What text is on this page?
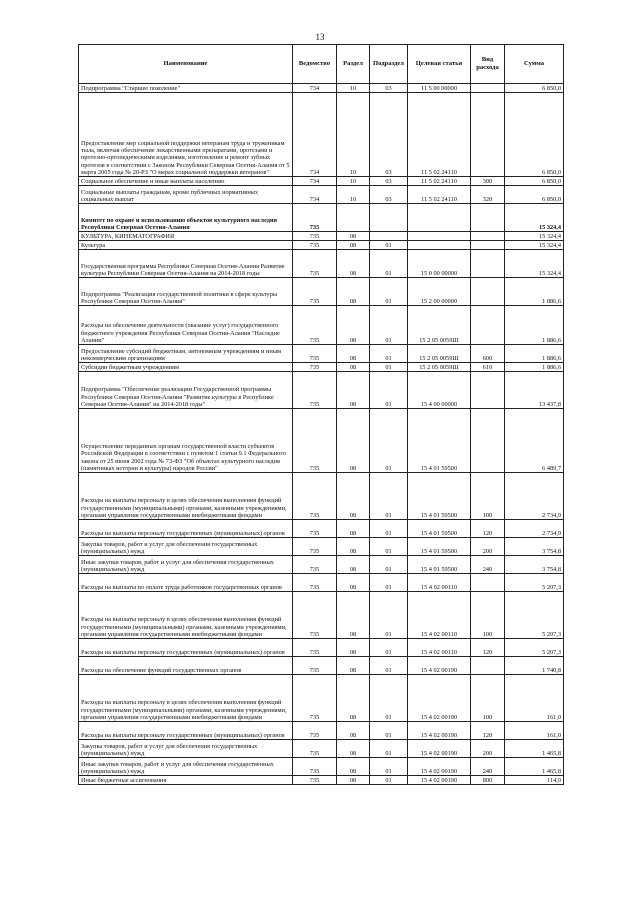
13
Наименование	Ведомство	Раздел	Подраздел	Целевая статья	Вид расхода	Сумма
Подпрограмма "Старшее поколение"	734	10	03	11 5 00 00000		6 850,0
Предоставление мер социальной поддержки ветеранам труда и труженикам тыла, включая обеспечение лекарственными препаратами, протезами и протезно-ортопедическими изделиями, изготовление и ремонт зубных протезов в соответствии с Законом Республики Северная Осетия-Алания от 5 марта 2005 года № 20-РЗ "О мерах социальной поддержки ветеранов"	734	10	03	11 5 02 24110		6 850,0
Социальное обеспечение и иные выплаты населению	734	10	03	11 5 02 24110	300	6 850,0
Социальные выплаты гражданам, кроме публичных нормативных социальных выплат	734	10	03	11 5 02 24110	320	6 850,0
Комитет по охране и использованию объектов культурного наследия Республики Северная Осетия-Алания	735					15 324,4
КУЛЬТУРА, КИНЕМАТОГРАФИЯ	735	08				15 324,4
Культура	735	08	01			15 324,4
Государственная программа Республики Северная Осетия-Алания Развитие культуры Республики Северная Осетия-Алания на 2014-2018 годы	735	08	01	15 0 00 00000		15 324,4
Подпрограмма "Реализация государственной политики в сфере культуры Республики Северная Осетия-Алания"	735	08	01	15 2 00 00000		1 886,6
Расходы на обеспечение деятельности (оказание услуг) государственного бюджетного учреждения Республики Северная Осетия-Алания "Наследие Алании"	735	08	01	15 2 05 0059Ш		1 886,6
Предоставление субсидий бюджетным, автономным учреждениям и иным некоммерческим организациям	735	08	01	15 2 05 0059Ш	600	1 886,6
Субсидии бюджетным учреждениям	735	08	01	15 2 05 0059Ш	610	1 886,6
Подпрограмма "Обеспечение реализации Государственной программы Республики Северная Осетия-Алания "Развитие культуры в Республике Северная Осетия-Алания" на 2014-2018 годы"	735	08	01	15 4 00 00000		13 437,8
Осуществление переданных органам государственной власти субъектов Российской Федерации в соответствии с пунктом 1 статьи 9.1 Федерального закона от 25 июня 2002 года № 73-ФЗ "Об объектах культурного наследия (памятниках истории и культуры) народов России"	735	08	01	15 4 01 59500		6 489,7
Расходы на выплаты персоналу в целях обеспечения выполнения функций государственными (муниципальными) органами, казенными учреждениями, органами управления государственными внебюджетными фондами	735	08	01	15 4 01 59500	100	2 734,9
Расходы на выплаты персоналу государственных (муниципальных) органов	735	08	01	15 4 01 59500	120	2 734,9
Закупка товаров, работ и услуг для обеспечения государственных (муниципальных) нужд	735	08	01	15 4 01 59500	200	3 754,8
Иные закупки товаров, работ и услуг для обеспечения государственных (муниципальных) нужд	735	08	01	15 4 01 59500	240	3 754,8
Расходы на выплаты по оплате труда работников государственных органов	735	08	01	15 4 02 00110		5 207,3
Расходы на выплаты персоналу в целях обеспечения выполнения функций государственными (муниципальными) органами, казенными учреждениями, органами управления государственными внебюджетными фондами	735	08	01	15 4 02 00110	100	5 207,3
Расходы на выплаты персоналу государственных (муниципальных) органов	735	08	01	15 4 02 00110	120	5 207,3
Расходы на обеспечение функций государственных органов	735	08	01	15 4 02 00190		1 740,8
Расходы на выплаты персоналу в целях обеспечения выполнения функций государственными (муниципальными) органами, казенными учреждениями, органами управления государственными внебюджетными фондами	735	08	01	15 4 02 00190	100	161,0
Расходы на выплаты персоналу государственных (муниципальных) органов	735	08	01	15 4 02 00190	120	161,0
Закупка товаров, работ и услуг для обеспечения государственных (муниципальных) нужд	735	08	01	15 4 02 00190	200	1 465,8
Иные закупки товаров, работ и услуг для обеспечения государственных (муниципальных) нужд	735	08	01	15 4 02 00190	240	1 465,8
Иные бюджетные ассигнования	735	08	01	15 4 02 00190	800	114,0
